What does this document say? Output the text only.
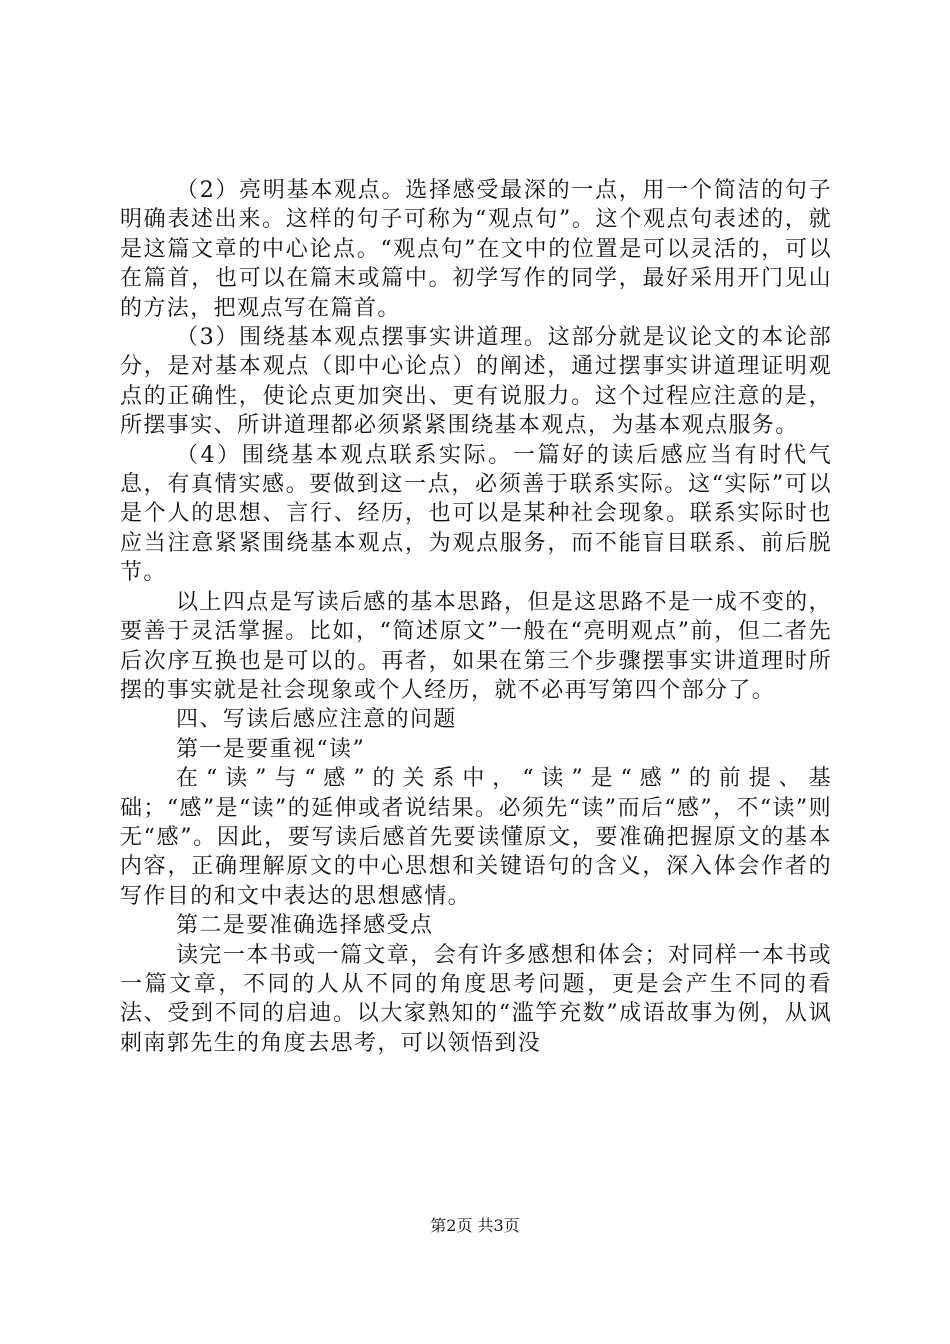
（2）亮明基本观点。选择感受最深的一点，用一个简洁的句子明确表述出来。这样的句子可称为“观点句”。这个观点句表述的，就是这篇文章的中心论点。“观点句”在文中的位置是可以灵活的，可以在篇首，也可以在篇末或篇中。初学写作的同学，最好采用开门见山的方法，把观点写在篇首。

（3）围绕基本观点摆事实讲道理。这部分就是议论文的本论部分，是对基本观点（即中心论点）的阐述，通过摆事实讲道理证明观点的正确性，使论点更加突出、更有说服力。这个过程应注意的是，所摆事实、所讲道理都必须紧紧围绕基本观点，为基本观点服务。

（4）围绕基本观点联系实际。一篇好的读后感应当有时代气息，有真情实感。要做到这一点，必须善于联系实际。这“实际”可以是个人的思想、言行、经历，也可以是某种社会现象。联系实际时也应当注意紧紧围绕基本观点，为观点服务，而不能盲目联系、前后脱节。

以上四点是写读后感的基本思路，但是这思路不是一成不变的，要善于灵活掌握。比如，“简述原文”一般在“亮明观点”前，但二者先后次序互换也是可以的。再者，如果在第三个步骤摆事实讲道理时所摆的事实就是社会现象或个人经历，就不必再写第四个部分了。

四、写读后感应注意的问题

第一是要重视“读”

在“读”与“感”的关系中，“读”是“感”的前提、基础；“感”是“读”的延伸或者说结果。必须先“读”而后“感”，不“读”则无“感”。因此，要写读后感首先要读懂原文，要准确把握原文的基本内容，正确理解原文的中心思想和关键语句的含义，深入体会作者的写作目的和文中表达的思想感情。

第二是要准确选择感受点

读完一本书或一篇文章，会有许多感想和体会；对同样一本书或一篇文章，不同的人从不同的角度思考问题，更是会产生不同的看法、受到不同的启迪。以大家熟知的“滥竽充数”成语故事为例，从讽刺南郭先生的角度去思考，可以领悟到没

第2页 共3页
